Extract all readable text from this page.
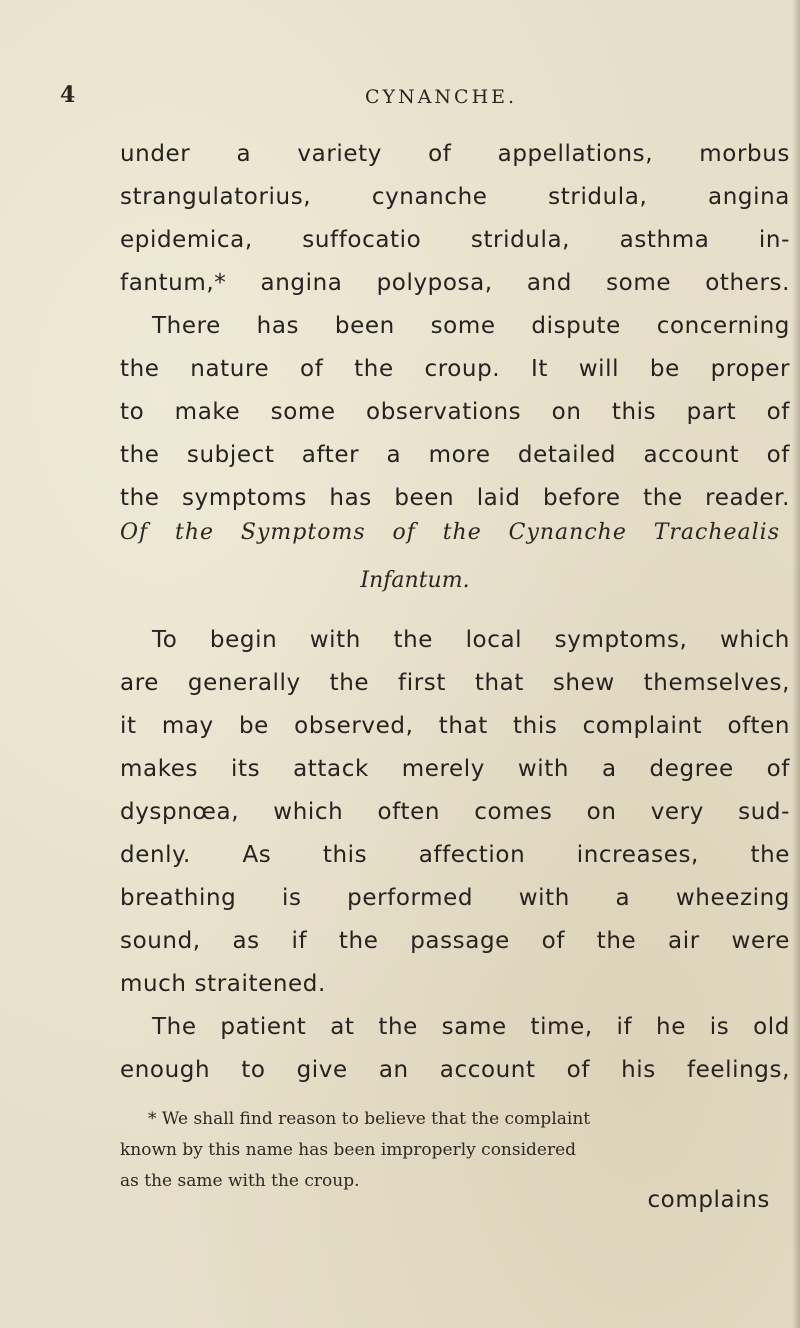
4	CYNANCHE.
under a variety of appellations, morbus
strangulatorius, cynanche stridula, angina
epidemica, suffocatio stridula, asthma in-
fantum,* angina polyposa, and some others.
There has been some dispute concerning
the nature of the croup. It will be proper
to make some observations on this part of
the subject after a more detailed account of
the symptoms has been laid before the reader.
Of the Symptoms of the Cynanche Trachealis
Infantum.
To begin with the local symptoms, which
are generally the first that shew themselves,
it may be observed, that this complaint often
makes its attack merely with a degree of
dyspnœa, which often comes on very sud-
denly. As this affection increases, the
breathing is performed with a wheezing
sound, as if the passage of the air were
much straitened.
The patient at the same time, if he is old
enough to give an account of his feelings,
* We shall find reason to believe that the complaint
known by this name has been improperly considered
as the same with the croup.
complains
